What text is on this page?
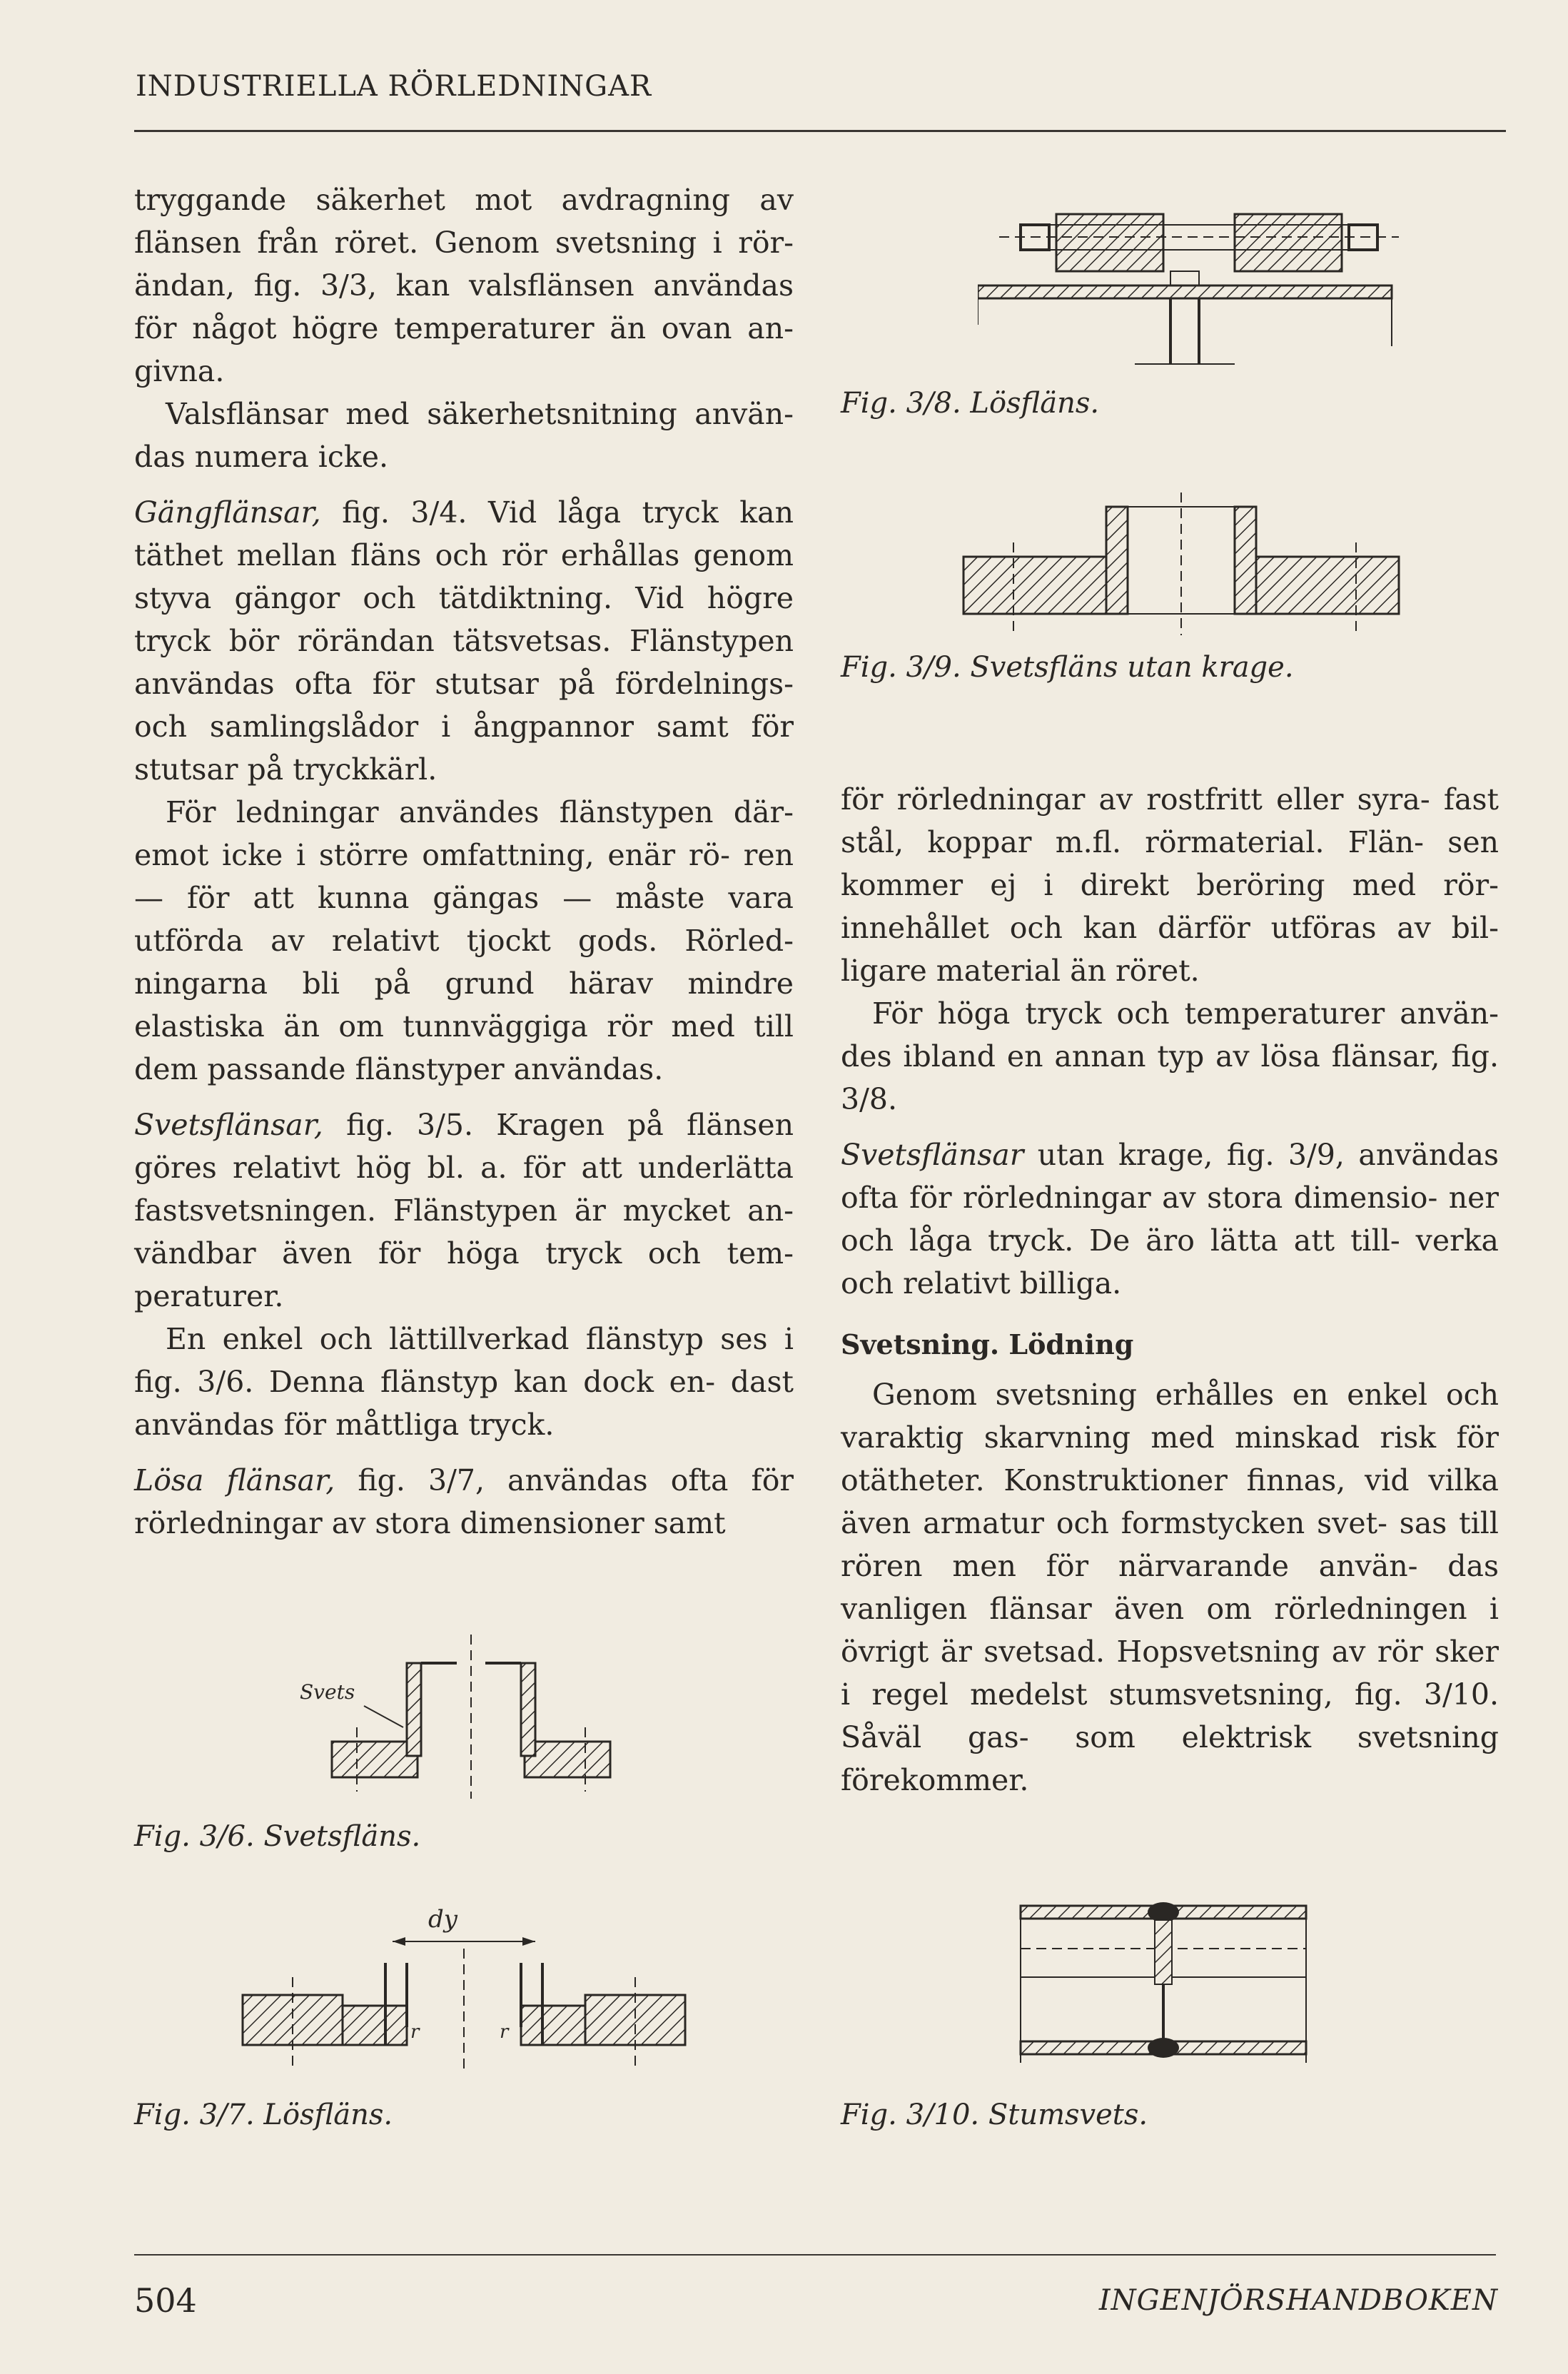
INDUSTRIELLA RÖRLEDNINGAR

tryggande säkerhet mot avdragning av flänsen från röret. Genom svetsning i rör- ändan, fig. 3/3, kan valsflänsen användas för något högre temperaturer än ovan an- givna.

Valsflänsar med säkerhetsnitning använ- das numera icke.

Gängflänsar, fig. 3/4. Vid låga tryck kan täthet mellan fläns och rör erhållas genom styva gängor och tätdiktning. Vid högre tryck bör rörändan tätsvetsas. Flänstypen användas ofta för stutsar på fördelnings- och samlingslådor i ångpannor samt för stutsar på tryckkärl.

För ledningar användes flänstypen där- emot icke i större omfattning, enär rö- ren — för att kunna gängas — måste vara utförda av relativt tjockt gods. Rörled- ningarna bli på grund härav mindre elastiska än om tunnväggiga rör med till dem passande flänstyper användas.

Svetsflänsar, fig. 3/5. Kragen på flänsen göres relativt hög bl. a. för att underlätta fastsvetsningen. Flänstypen är mycket an- vändbar även för höga tryck och tem- peraturer.

En enkel och lättillverkad flänstyp ses i fig. 3/6. Denna flänstyp kan dock en- dast användas för måttliga tryck.

Lösa flänsar, fig. 3/7, användas ofta för rörledningar av stora dimensioner samt

för rörledningar av rostfritt eller syra- fast stål, koppar m.fl. rörmaterial. Flän- sen kommer ej i direkt beröring med rör- innehållet och kan därför utföras av bil- ligare material än röret.

För höga tryck och temperaturer använ- des ibland en annan typ av lösa flänsar, fig. 3/8.

Svetsflänsar utan krage, fig. 3/9, användas ofta för rörledningar av stora dimensio- ner och låga tryck. De äro lätta att till- verka och relativt billiga.

Svetsning. Lödning

Genom svetsning erhålles en enkel och varaktig skarvning med minskad risk för otätheter. Konstruktioner finnas, vid vilka även armatur och formstycken svet- sas till rören men för närvarande använ- das vanligen flänsar även om rörledningen i övrigt är svetsad. Hopsvetsning av rör sker i regel medelst stumsvetsning, fig. 3/10. Såväl gas- som elektrisk svetsning förekommer.

Fig. 3/8. Lösfläns.
Fig. 3/9. Svetsfläns utan krage.
Svets
Fig. 3/6. Svetsfläns.
dy
r	r
Fig. 3/7. Lösfläns.	Fig. 3/10. Stumsvets.
504	INGENJÖRSHANDBOKEN
